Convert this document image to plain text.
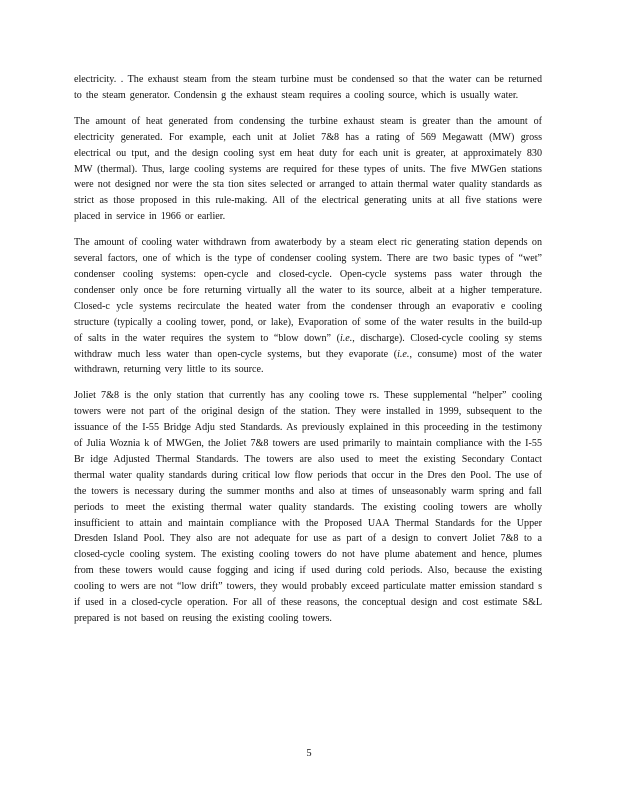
electricity. . The exhaust steam from the steam turbine must be condensed so that the water can be returned to the steam generator. Condensin g the exhaust steam requires a cooling source, which is usually water.

The amount of heat generated from condensing the turbine exhaust steam is greater than the amount of electricity generated. For example, each unit at Joliet 7&8 has a rating of 569 Megawatt (MW) gross electrical ou tput, and the design cooling syst em heat duty for each unit is greater, at approximately 830 MW (thermal). Thus, large cooling systems are required for these types of units. The five MWGen stations were not designed nor were the sta tion sites selected or arranged to attain thermal water quality standards as strict as those proposed in this rule-making. All of the electrical generating units at all five stations were placed in service in 1966 or earlier.

The amount of cooling water withdrawn from awaterbody by a steam elect ric generating station depends on several factors, one of which is the type of condenser cooling system. There are two basic types of “wet” condenser cooling systems: open-cycle and closed-cycle. Open-cycle systems pass water through the condenser only once be fore returning virtually all the water to its source, albeit at a higher temperature. Closed-c ycle systems recirculate the heated water from the condenser through an evaporativ e cooling structure (typically a cooling tower, pond, or lake), Evaporation of some of the water results in the build-up of salts in the water requires the system to “blow down” (i.e., discharge). Closed-cycle cooling sy stems withdraw much less water than open-cycle systems, but they evaporate (i.e., consume) most of the water withdrawn, returning very little to its source.

Joliet 7&8 is the only station that currently has any cooling towe rs. These supplemental “helper” cooling towers were not part of the original design of the station. They were installed in 1999, subsequent to the issuance of the I-55 Bridge Adju sted Standards. As previously explained in this proceeding in the testimony of Julia Woznia k of MWGen, the Joliet 7&8 towers are used primarily to maintain compliance with the I-55 Br idge Adjusted Thermal Standards. The towers are also used to meet the existing Secondary Contact thermal water quality standards during critical low flow periods that occur in the Dres den Pool. The use of the towers is necessary during the summer months and also at times of unseasonably warm spring and fall periods to meet the existing thermal water quality standards. The existing cooling towers are wholly insufficient to attain and maintain compliance with the Proposed UAA Thermal Standards for the Upper Dresden Island Pool. They also are not adequate for use as part of a design to convert Joliet 7&8 to a closed-cycle cooling system. The existing cooling towers do not have plume abatement and hence, plumes from these towers would cause fogging and icing if used during cold periods. Also, because the existing cooling to wers are not “low drift” towers, they would probably exceed particulate matter emission standard s if used in a closed-cycle operation. For all of these reasons, the conceptual design and cost estimate S&L prepared is not based on reusing the existing cooling towers.

5
